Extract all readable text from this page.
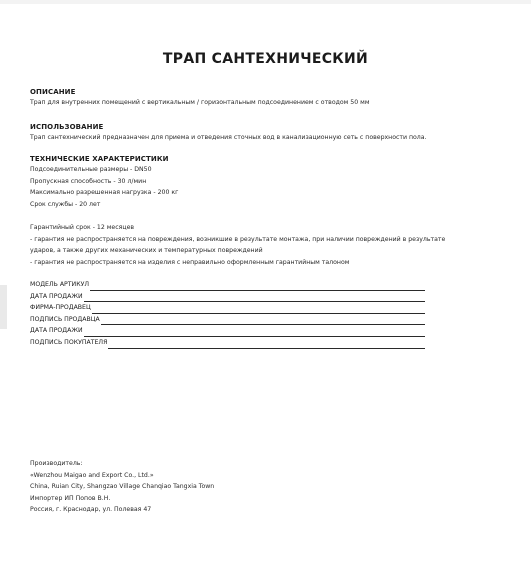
ТРАП САНТЕХНИЧЕСКИЙ
ОПИСАНИЕ
Трап для внутренних помещений с вертикальным / горизонтальным подсоединением с отводом 50 мм
ИСПОЛЬЗОВАНИЕ
Трап сантехнический предназначен для приема и отведения сточных вод в канализационную сеть с поверхности пола.
ТЕХНИЧЕСКИЕ ХАРАКТЕРИСТИКИ
Подсоединительные размеры - DN50
Пропускная способность - 30 л/мин
Максимально разрешенная нагрузка - 200 кг
Срок службы - 20 лет
Гарантийный срок - 12 месяцев
- гарантия не распространяется на повреждения, возникшие в результате монтажа, при наличии повреждений в результате
ударов, а также других механических и температурных повреждений
- гарантия не распространяется на изделия с неправильно оформленным гарантийным талоном
МОДЕЛЬ АРТИКУЛ
ДАТА ПРОДАЖИ
ФИРМА-ПРОДАВЕЦ
ПОДПИСЬ ПРОДАВЦА
ДАТА ПРОДАЖИ
ПОДПИСЬ ПОКУПАТЕЛЯ
Производитель:
«Wenzhou Maigao and Export Co., Ltd.»
China, Ruian City, Shangzao Village Chanqiao Tangxia Town
Импортер ИП Попов В.Н.
Россия, г. Краснодар, ул. Полевая 47
